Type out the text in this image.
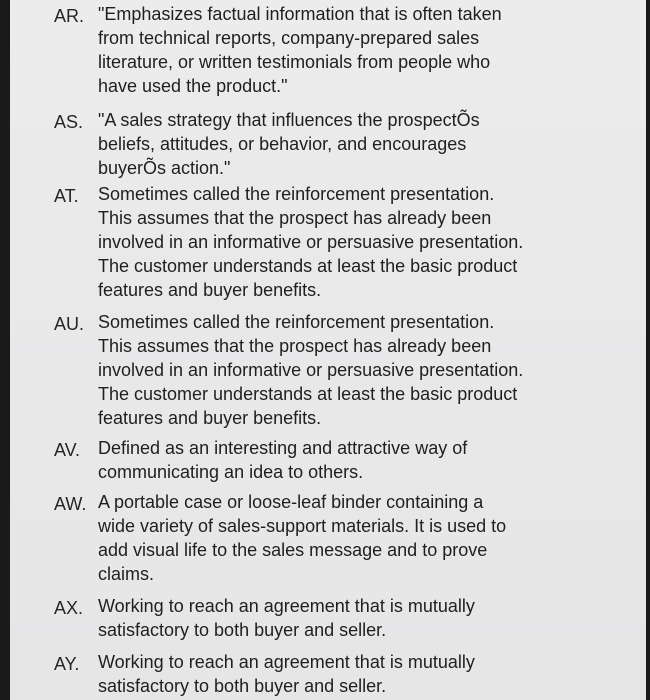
AR. "Emphasizes factual information that is often taken
from technical reports, company-prepared sales
literature, or written testimonials from people who
have used the product."
AS. "A sales strategy that influences the prospectÕs
beliefs, attitudes, or behavior, and encourages
buyerÕs action."
AT. Sometimes called the reinforcement presentation.
This assumes that the prospect has already been
involved in an informative or persuasive presentation.
The customer understands at least the basic product
features and buyer benefits.
AU. Sometimes called the reinforcement presentation.
This assumes that the prospect has already been
involved in an informative or persuasive presentation.
The customer understands at least the basic product
features and buyer benefits.
AV. Defined as an interesting and attractive way of
communicating an idea to others.
AW. A portable case or loose-leaf binder containing a
wide variety of sales-support materials. It is used to
add visual life to the sales message and to prove
claims.
AX. Working to reach an agreement that is mutually
satisfactory to both buyer and seller.
AY. Working to reach an agreement that is mutually
satisfactory to both buyer and seller.
